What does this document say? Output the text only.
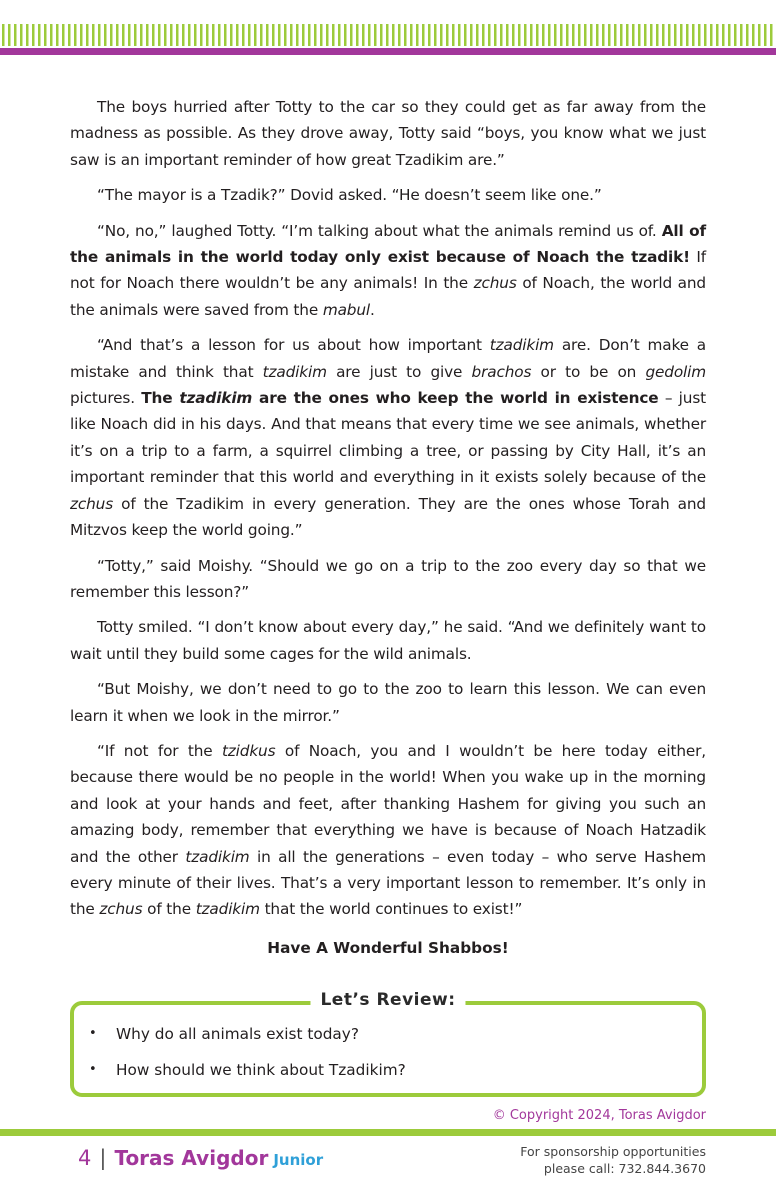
The boys hurried after Totty to the car so they could get as far away from the madness as possible. As they drove away, Totty said “boys, you know what we just saw is an important reminder of how great Tzadikim are.”

“The mayor is a Tzadik?” Dovid asked. “He doesn’t seem like one.”

“No, no,” laughed Totty. “I’m talking about what the animals remind us of. All of the animals in the world today only exist because of Noach the tzadik! If not for Noach there wouldn’t be any animals! In the zchus of Noach, the world and the animals were saved from the mabul.

“And that’s a lesson for us about how important tzadikim are. Don’t make a mistake and think that tzadikim are just to give brachos or to be on gedolim pictures. The tzadikim are the ones who keep the world in existence – just like Noach did in his days. And that means that every time we see animals, whether it’s on a trip to a farm, a squirrel climbing a tree, or passing by City Hall, it’s an important reminder that this world and everything in it exists solely because of the zchus of the Tzadikim in every generation. They are the ones whose Torah and Mitzvos keep the world going.”

“Totty,” said Moishy. “Should we go on a trip to the zoo every day so that we remember this lesson?”

Totty smiled. “I don’t know about every day,” he said. “And we definitely want to wait until they build some cages for the wild animals.

“But Moishy, we don’t need to go to the zoo to learn this lesson. We can even learn it when we look in the mirror.”

“If not for the tzidkus of Noach, you and I wouldn’t be here today either, because there would be no people in the world! When you wake up in the morning and look at your hands and feet, after thanking Hashem for giving you such an amazing body, remember that everything we have is because of Noach Hatzadik and the other tzadikim in all the generations – even today – who serve Hashem every minute of their lives. That’s a very important lesson to remember. It’s only in the zchus of the tzadikim that the world continues to exist!”

Have A Wonderful Shabbos!

Let’s Review:
•	Why do all animals exist today?
•	How should we think about Tzadikim?
© Copyright 2024, Toras Avigdor
4 | Toras Avigdor Junior	For sponsorship opportunities
please call: 732.844.3670
